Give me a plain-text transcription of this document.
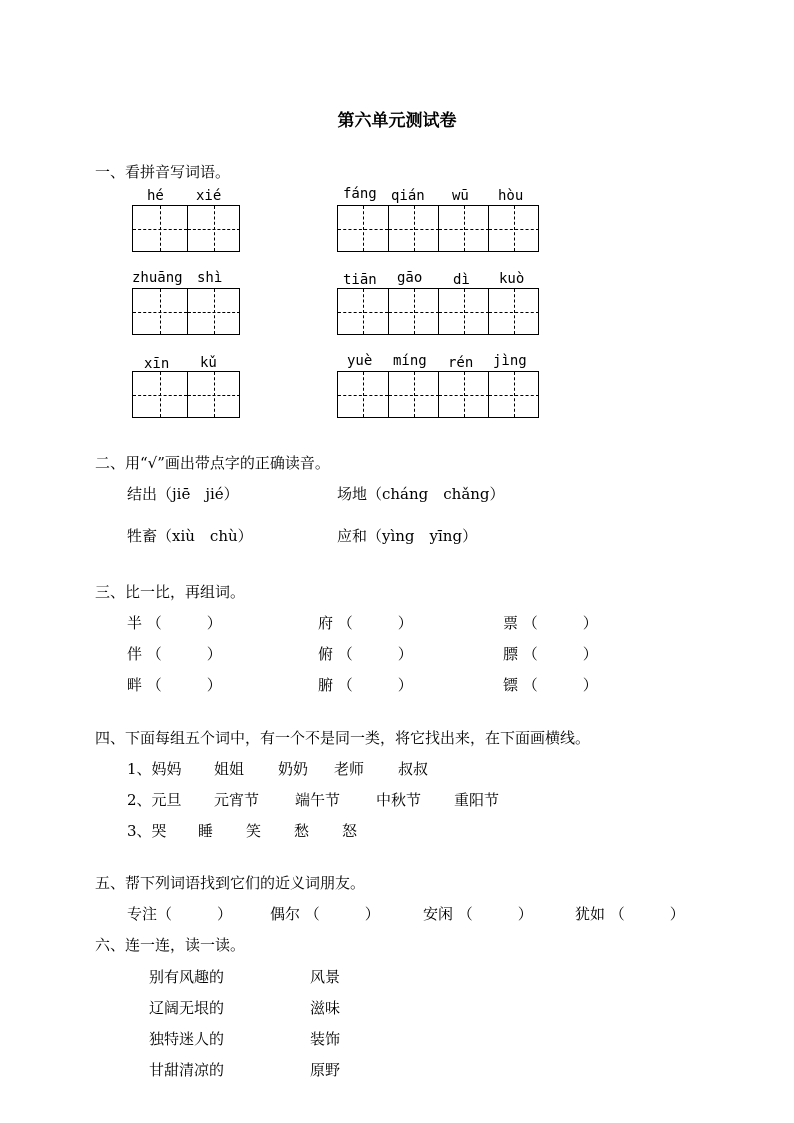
第六单元测试卷
一、看拼音写词语。
hé xié	fáng qián wū hòu
zhuāng shì	tiān gāo dì kuò
xīn kǔ	yuè míng rén jìng
二、用“√”画出带点字的正确读音。
结出（jiē　jié）	场地（cháng　chǎng）
牲畜（xiù　chù）	应和（yìng　yīng）
三、比一比，再组词。
半 （　　　）	府 （　　　）	票 （　　　）
伴 （　　　）	俯 （　　　）	膘 （　　　）
畔 （　　　）	腑 （　　　）	镖 （　　　）
四、下面每组五个词中，有一个不是同一类，将它找出来，在下面画横线。
1、妈妈 姐姐 奶奶 老师 叔叔
2、元旦 元宵节 端午节 中秋节 重阳节
3、哭 睡 笑 愁 怒
五、帮下列词语找到它们的近义词朋友。
专注（　　　）	偶尔 （　　　）	安闲 （　　　）	犹如 （　　　）
六、连一连，读一读。
别有风趣的
辽阔无垠的
独特迷人的
甘甜清凉的
风景
滋味
装饰
原野
